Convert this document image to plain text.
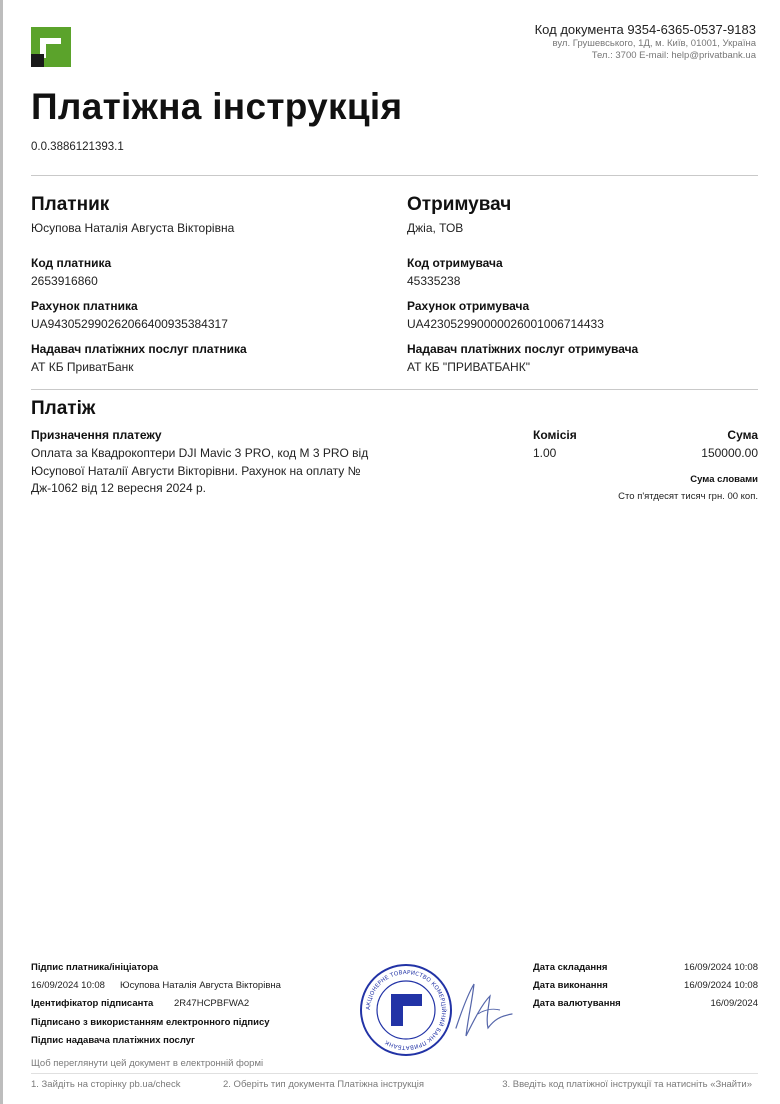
Код документа 9354-6365-0537-9183
вул. Грушевського, 1Д, м. Київ, 01001, Україна
Тел.: 3700 E-mail: help@privatbank.ua
Платіжна інструкція
0.0.3886121393.1
Платник
Юсупова Наталія Августа Вікторівна
Код платника
2653916860
Рахунок платника
UA943052990262066400935384317
Надавач платіжних послуг платника
АТ КБ ПриватБанк
Отримувач
Джіа, ТОВ
Код отримувача
45335238
Рахунок отримувача
UA423052990000026001006714433
Надавач платіжних послуг отримувача
АТ КБ "ПРИВАТБАНК"
Платіж
Призначення платежу
Оплата за Квадрокоптери DJI Mavic 3 PRO, код M 3 PRO від Юсупової Наталії Августи Вікторівни. Рахунок на оплату № Дж-1062 від 12 вересня 2024 р.
Комісія
1.00
Сума
150000.00
Сума словами
Сто п'ятдесят тисяч грн. 00 коп.
Підпис платника/ініціатора
16/09/2024 10:08 Юсупова Наталія Августа Вікторівна
Ідентифікатор підписанта 2R47HCPBFWA2
Підписано з використанням електронного підпису
Підпис надавача платіжних послуг
АКЦІОНЕРНЕ ТОВАРИСТВО КОМЕРЦІЙНИЙ БАНК ПРИВАТБАНК
Дата складання	16/09/2024 10:08
Дата виконання	16/09/2024 10:08
Дата валютування	16/09/2024
Щоб переглянути цей документ в електронній формі
1. Зайдіть на сторінку pb.ua/check	2. Оберіть тип документа Платіжна інструкція	3. Введіть код платіжної інструкції та натисніть «Знайти»
